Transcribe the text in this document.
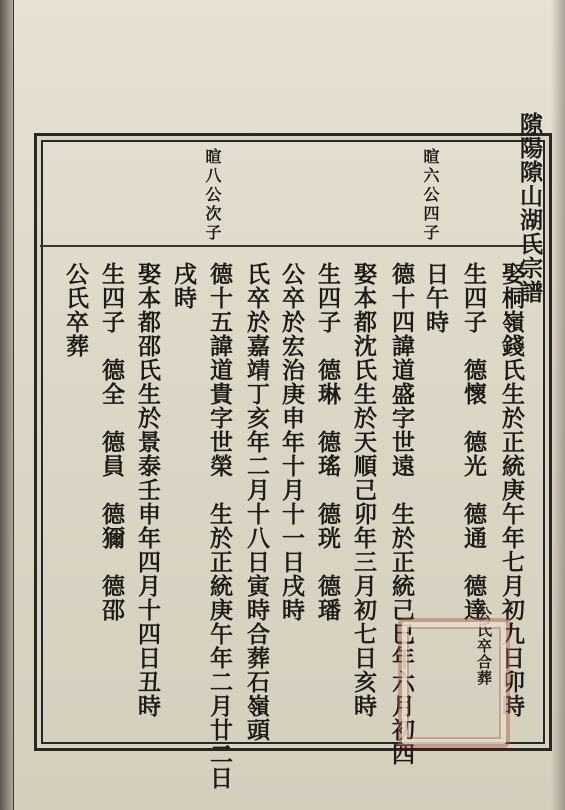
𨻶陽𨻶山湖氏宗譜
暄六公四子
暄八公次子
娶桐嶺錢氏生於正統庚午年七月初九日卯時
生四子　德懷　德光　德通　德達
公氏卒合葬
日午時
德十四諱道盛字世遠　生於正統己巳年六月初四
娶本都沈氏生於天順己卯年三月初七日亥時
生四子　德琳　德瑤　德珖　德璠
公卒於宏治庚申年十月十一日戌時
氏卒於嘉靖丁亥年二月十八日寅時合葬石嶺頭
德十五諱道貴字世榮　生於正統庚午年二月廿二日
戌時
娶本都邵氏生於景泰壬申年四月十四日丑時
生四子　德全　德員　德獮　德邵
公氏卒葬
